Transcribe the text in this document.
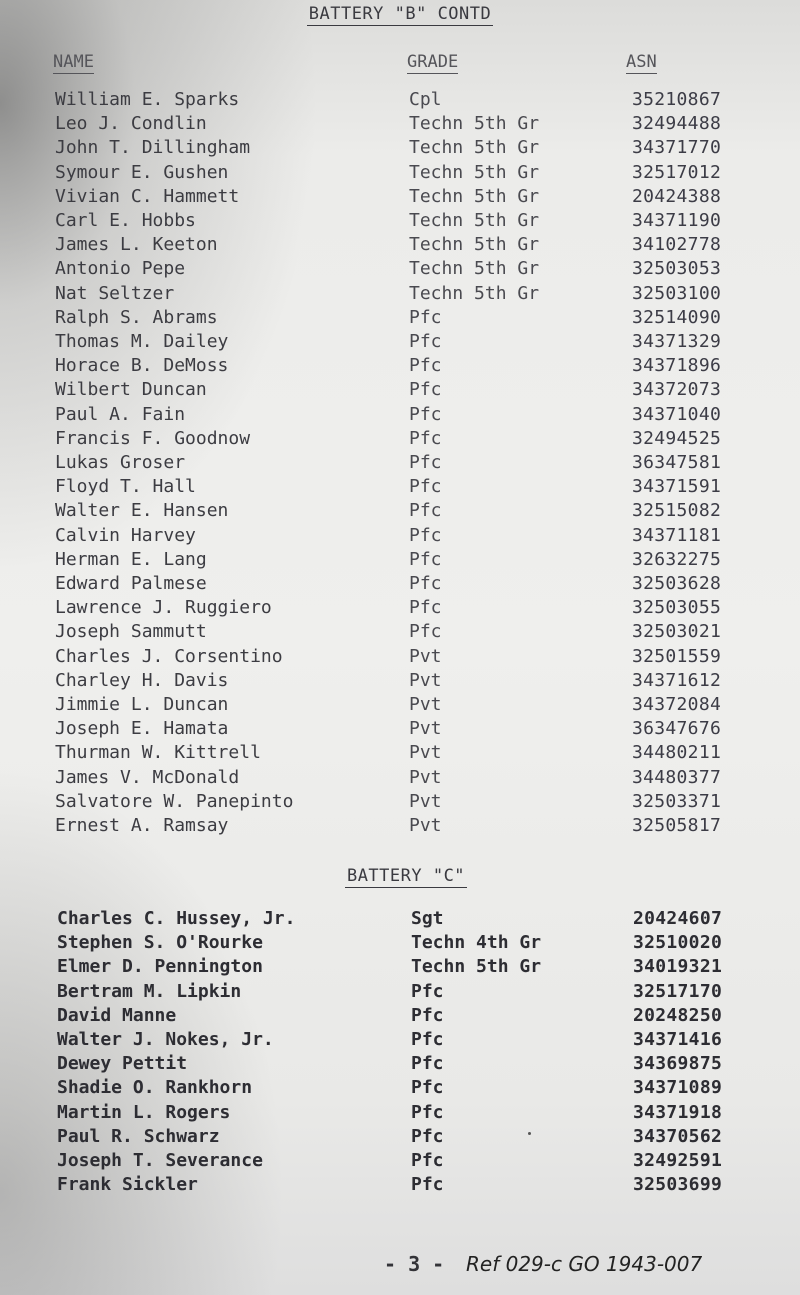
BATTERY "B" CONTD
NAME	GRADE	ASN
William E. Sparks	Cpl	35210867
Leo J. Condlin	Techn 5th Gr	32494488
John T. Dillingham	Techn 5th Gr	34371770
Symour E. Gushen	Techn 5th Gr	32517012
Vivian C. Hammett	Techn 5th Gr	20424388
Carl E. Hobbs	Techn 5th Gr	34371190
James L. Keeton	Techn 5th Gr	34102778
Antonio Pepe	Techn 5th Gr	32503053
Nat Seltzer	Techn 5th Gr	32503100
Ralph S. Abrams	Pfc	32514090
Thomas M. Dailey	Pfc	34371329
Horace B. DeMoss	Pfc	34371896
Wilbert Duncan	Pfc	34372073
Paul A. Fain	Pfc	34371040
Francis F. Goodnow	Pfc	32494525
Lukas Groser	Pfc	36347581
Floyd T. Hall	Pfc	34371591
Walter E. Hansen	Pfc	32515082
Calvin Harvey	Pfc	34371181
Herman E. Lang	Pfc	32632275
Edward Palmese	Pfc	32503628
Lawrence J. Ruggiero	Pfc	32503055
Joseph Sammutt	Pfc	32503021
Charles J. Corsentino	Pvt	32501559
Charley H. Davis	Pvt	34371612
Jimmie L. Duncan	Pvt	34372084
Joseph E. Hamata	Pvt	36347676
Thurman W. Kittrell	Pvt	34480211
James V. McDonald	Pvt	34480377
Salvatore W. Panepinto	Pvt	32503371
Ernest A. Ramsay	Pvt	32505817
BATTERY "C"
Charles C. Hussey, Jr.	Sgt	20424607
Stephen S. O'Rourke	Techn 4th Gr	32510020
Elmer D. Pennington	Techn 5th Gr	34019321
Bertram M. Lipkin	Pfc	32517170
David Manne	Pfc	20248250
Walter J. Nokes, Jr.	Pfc	34371416
Dewey Pettit	Pfc	34369875
Shadie O. Rankhorn	Pfc	34371089
Martin L. Rogers	Pfc	34371918
Paul R. Schwarz	Pfc	34370562
Joseph T. Severance	Pfc	32492591
Frank Sickler	Pfc	32503699
- 3 - Ref 029-c GO 1943-007
